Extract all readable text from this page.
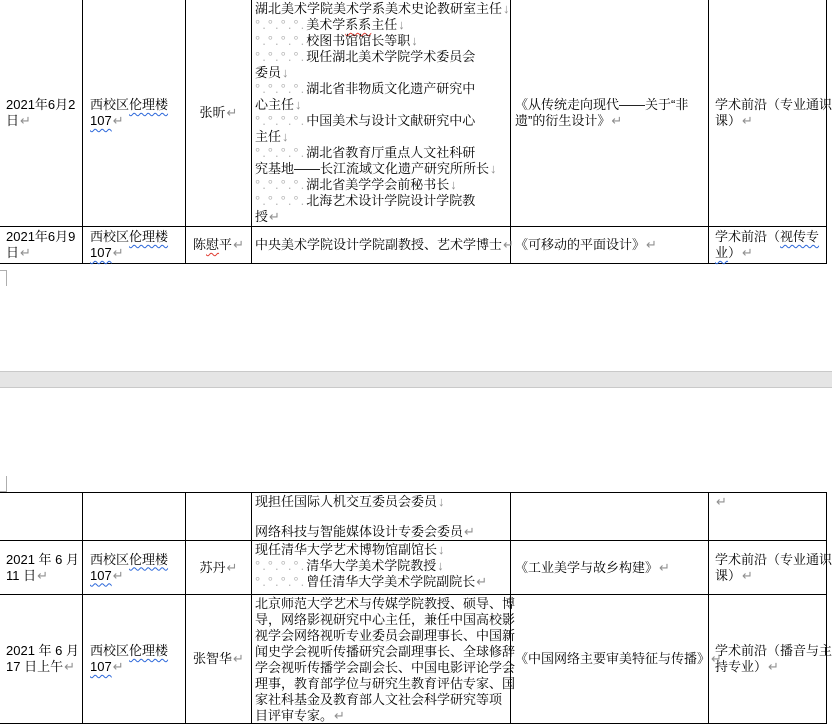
2021年6月2
日↵
西校区伦理楼
107↵
张昕↵
湖北美术学院美术学系美术史论教研室主任↓
°.°.°.°.美术学系系主任↓
°.°.°.°.校图书馆馆长等职↓
°.°.°.°.现任湖北美术学院学术委员会
委员↓
°.°.°.°.湖北省非物质文化遗产研究中
心主任↓
°.°.°.°.中国美术与设计文献研究中心
主任↓
°.°.°.°.湖北省教育厅重点人文社科研
究基地——长江流域文化遗产研究所所长↓
°.°.°.°.湖北省美学学会前秘书长↓
°.°.°.°.北海艺术设计学院设计学院教
授↵
《从传统走向现代——关于“非
遗”的衍生设计》↵
学术前沿（专业通识
课）↵
2021年6月9
日↵
西校区伦理楼
107↵
陈慰平↵ 中央美术学院设计学院副教授、艺术学博士↵ 《可移动的平面设计》↵
学术前沿（视传专
业）↵
现担任国际人机交互委员会委员↓
网络科技与智能媒体设计专委会委员↵
↵
2021 年 6 月
11 日↵
西校区伦理楼
107↵
苏丹↵
现任清华大学艺术博物馆副馆长↓
°.°.°.°.清华大学美术学院教授↓
°.°.°.°.曾任清华大学美术学院副院长↵
《工业美学与故乡构建》↵
学术前沿（专业通识
课）↵
2021 年 6 月
17 日上午↵
西校区伦理楼
107↵
张智华↵
北京师范大学艺术与传媒学院教授、硕导、博
导，网络影视研究中心主任，兼任中国高校影
视学会网络视听专业委员会副理事长、中国新
闻史学会视听传播研究会副理事长、全球修辞
学会视听传播学会副会长、中国电影评论学会
理事，教育部学位与研究生教育评估专家、国
家社科基金及教育部人文社会科学研究等项
目评审专家。↵
《中国网络主要审美特征与传播》↵
学术前沿（播音与主
持专业）↵
